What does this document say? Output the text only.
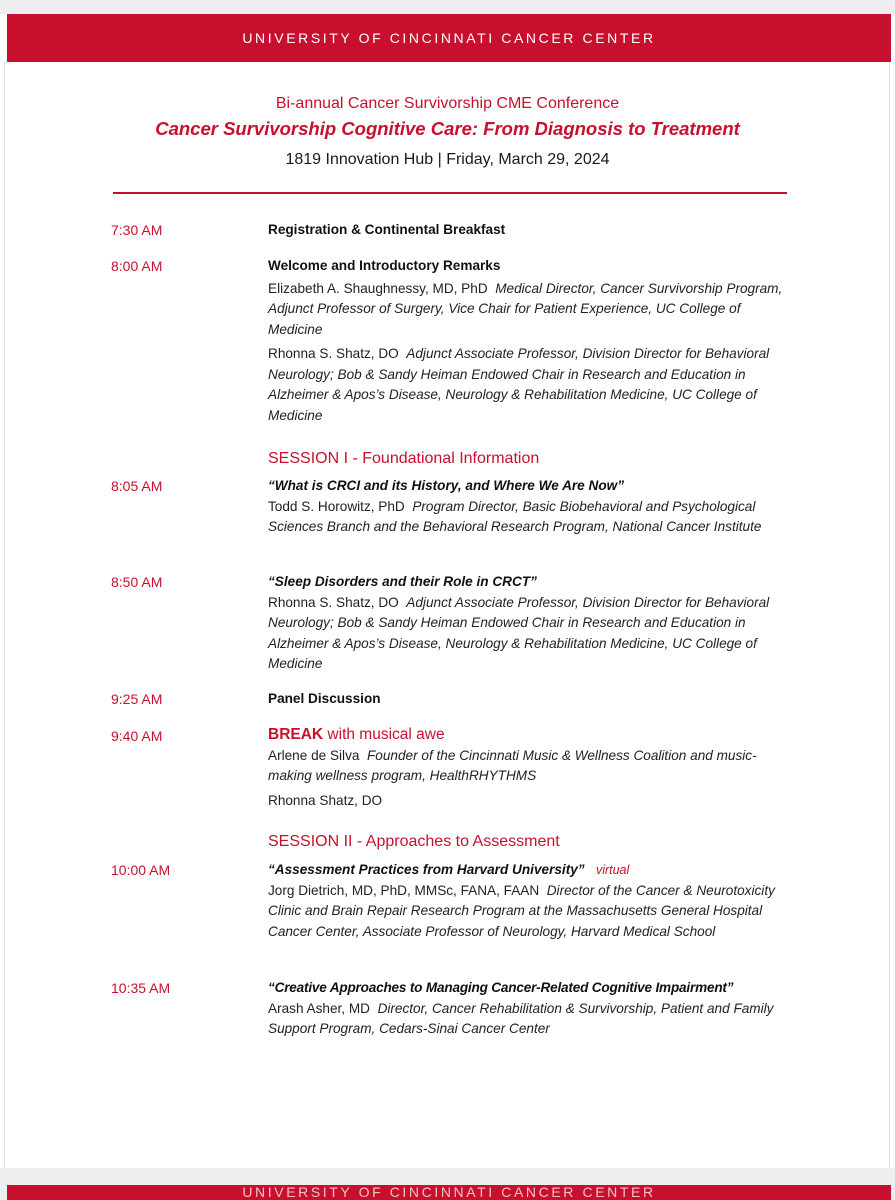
UNIVERSITY OF CINCINNATI CANCER CENTER
Bi-annual Cancer Survivorship CME Conference
Cancer Survivorship Cognitive Care: From Diagnosis to Treatment
1819 Innovation Hub | Friday, March 29, 2024
7:30 AM	Registration & Continental Breakfast
8:00 AM	Welcome and Introductory Remarks
Elizabeth A. Shaughnessy, MD, PhD Medical Director, Cancer Survivorship Program, Adjunct Professor of Surgery, Vice Chair for Patient Experience, UC College of Medicine
Rhonna S. Shatz, DO Adjunct Associate Professor, Division Director for Behavioral Neurology; Bob & Sandy Heiman Endowed Chair in Research and Education in Alzheimer & Apos’s Disease, Neurology & Rehabilitation Medicine, UC College of Medicine
SESSION I - Foundational Information
8:05 AM	“What is CRCI and its History, and Where We Are Now”
Todd S. Horowitz, PhD Program Director, Basic Biobehavioral and Psychological Sciences Branch and the Behavioral Research Program, National Cancer Institute
8:50 AM	“Sleep Disorders and their Role in CRCT”
Rhonna S. Shatz, DO Adjunct Associate Professor, Division Director for Behavioral Neurology; Bob & Sandy Heiman Endowed Chair in Research and Education in Alzheimer & Apos’s Disease, Neurology & Rehabilitation Medicine, UC College of Medicine
9:25 AM	Panel Discussion
9:40 AM	BREAK with musical awe
Arlene de Silva Founder of the Cincinnati Music & Wellness Coalition and music-making wellness program, HealthRHYTHMS
Rhonna Shatz, DO
SESSION II - Approaches to Assessment
10:00 AM	“Assessment Practices from Harvard University” virtual
Jorg Dietrich, MD, PhD, MMSc, FANA, FAAN Director of the Cancer & Neurotoxicity Clinic and Brain Repair Research Program at the Massachusetts General Hospital Cancer Center, Associate Professor of Neurology, Harvard Medical School
10:35 AM	“Creative Approaches to Managing Cancer-Related Cognitive Impairment”
Arash Asher, MD Director, Cancer Rehabilitation & Survivorship, Patient and Family Support Program, Cedars-Sinai Cancer Center
UNIVERSITY OF CINCINNATI CANCER CENTER
